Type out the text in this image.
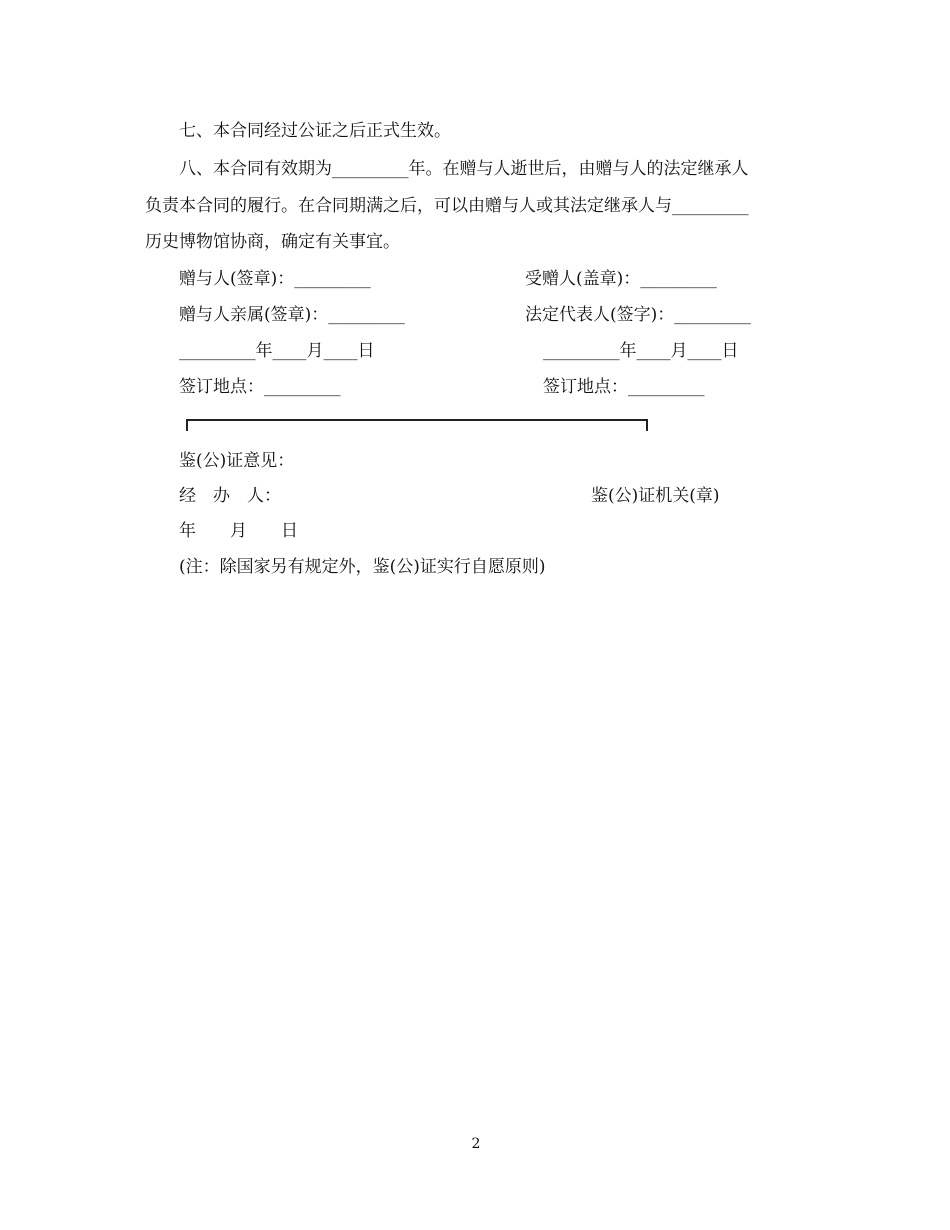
七、本合同经过公证之后正式生效。
八、本合同有效期为_________年。在赠与人逝世后，由赠与人的法定继承人
负责本合同的履行。在合同期满之后，可以由赠与人或其法定继承人与_________
历史博物馆协商，确定有关事宜。
赠与人(签章)：_________	受赠人(盖章)：_________
赠与人亲属(签章)：_________	法定代表人(签字)：_________
_________年____月____日	_________年____月____日
签订地点：_________	签订地点：_________
鉴(公)证意见：
经　办　人：	鉴(公)证机关(章)
年　　月　　日
(注：除国家另有规定外，鉴(公)证实行自愿原则)
2
